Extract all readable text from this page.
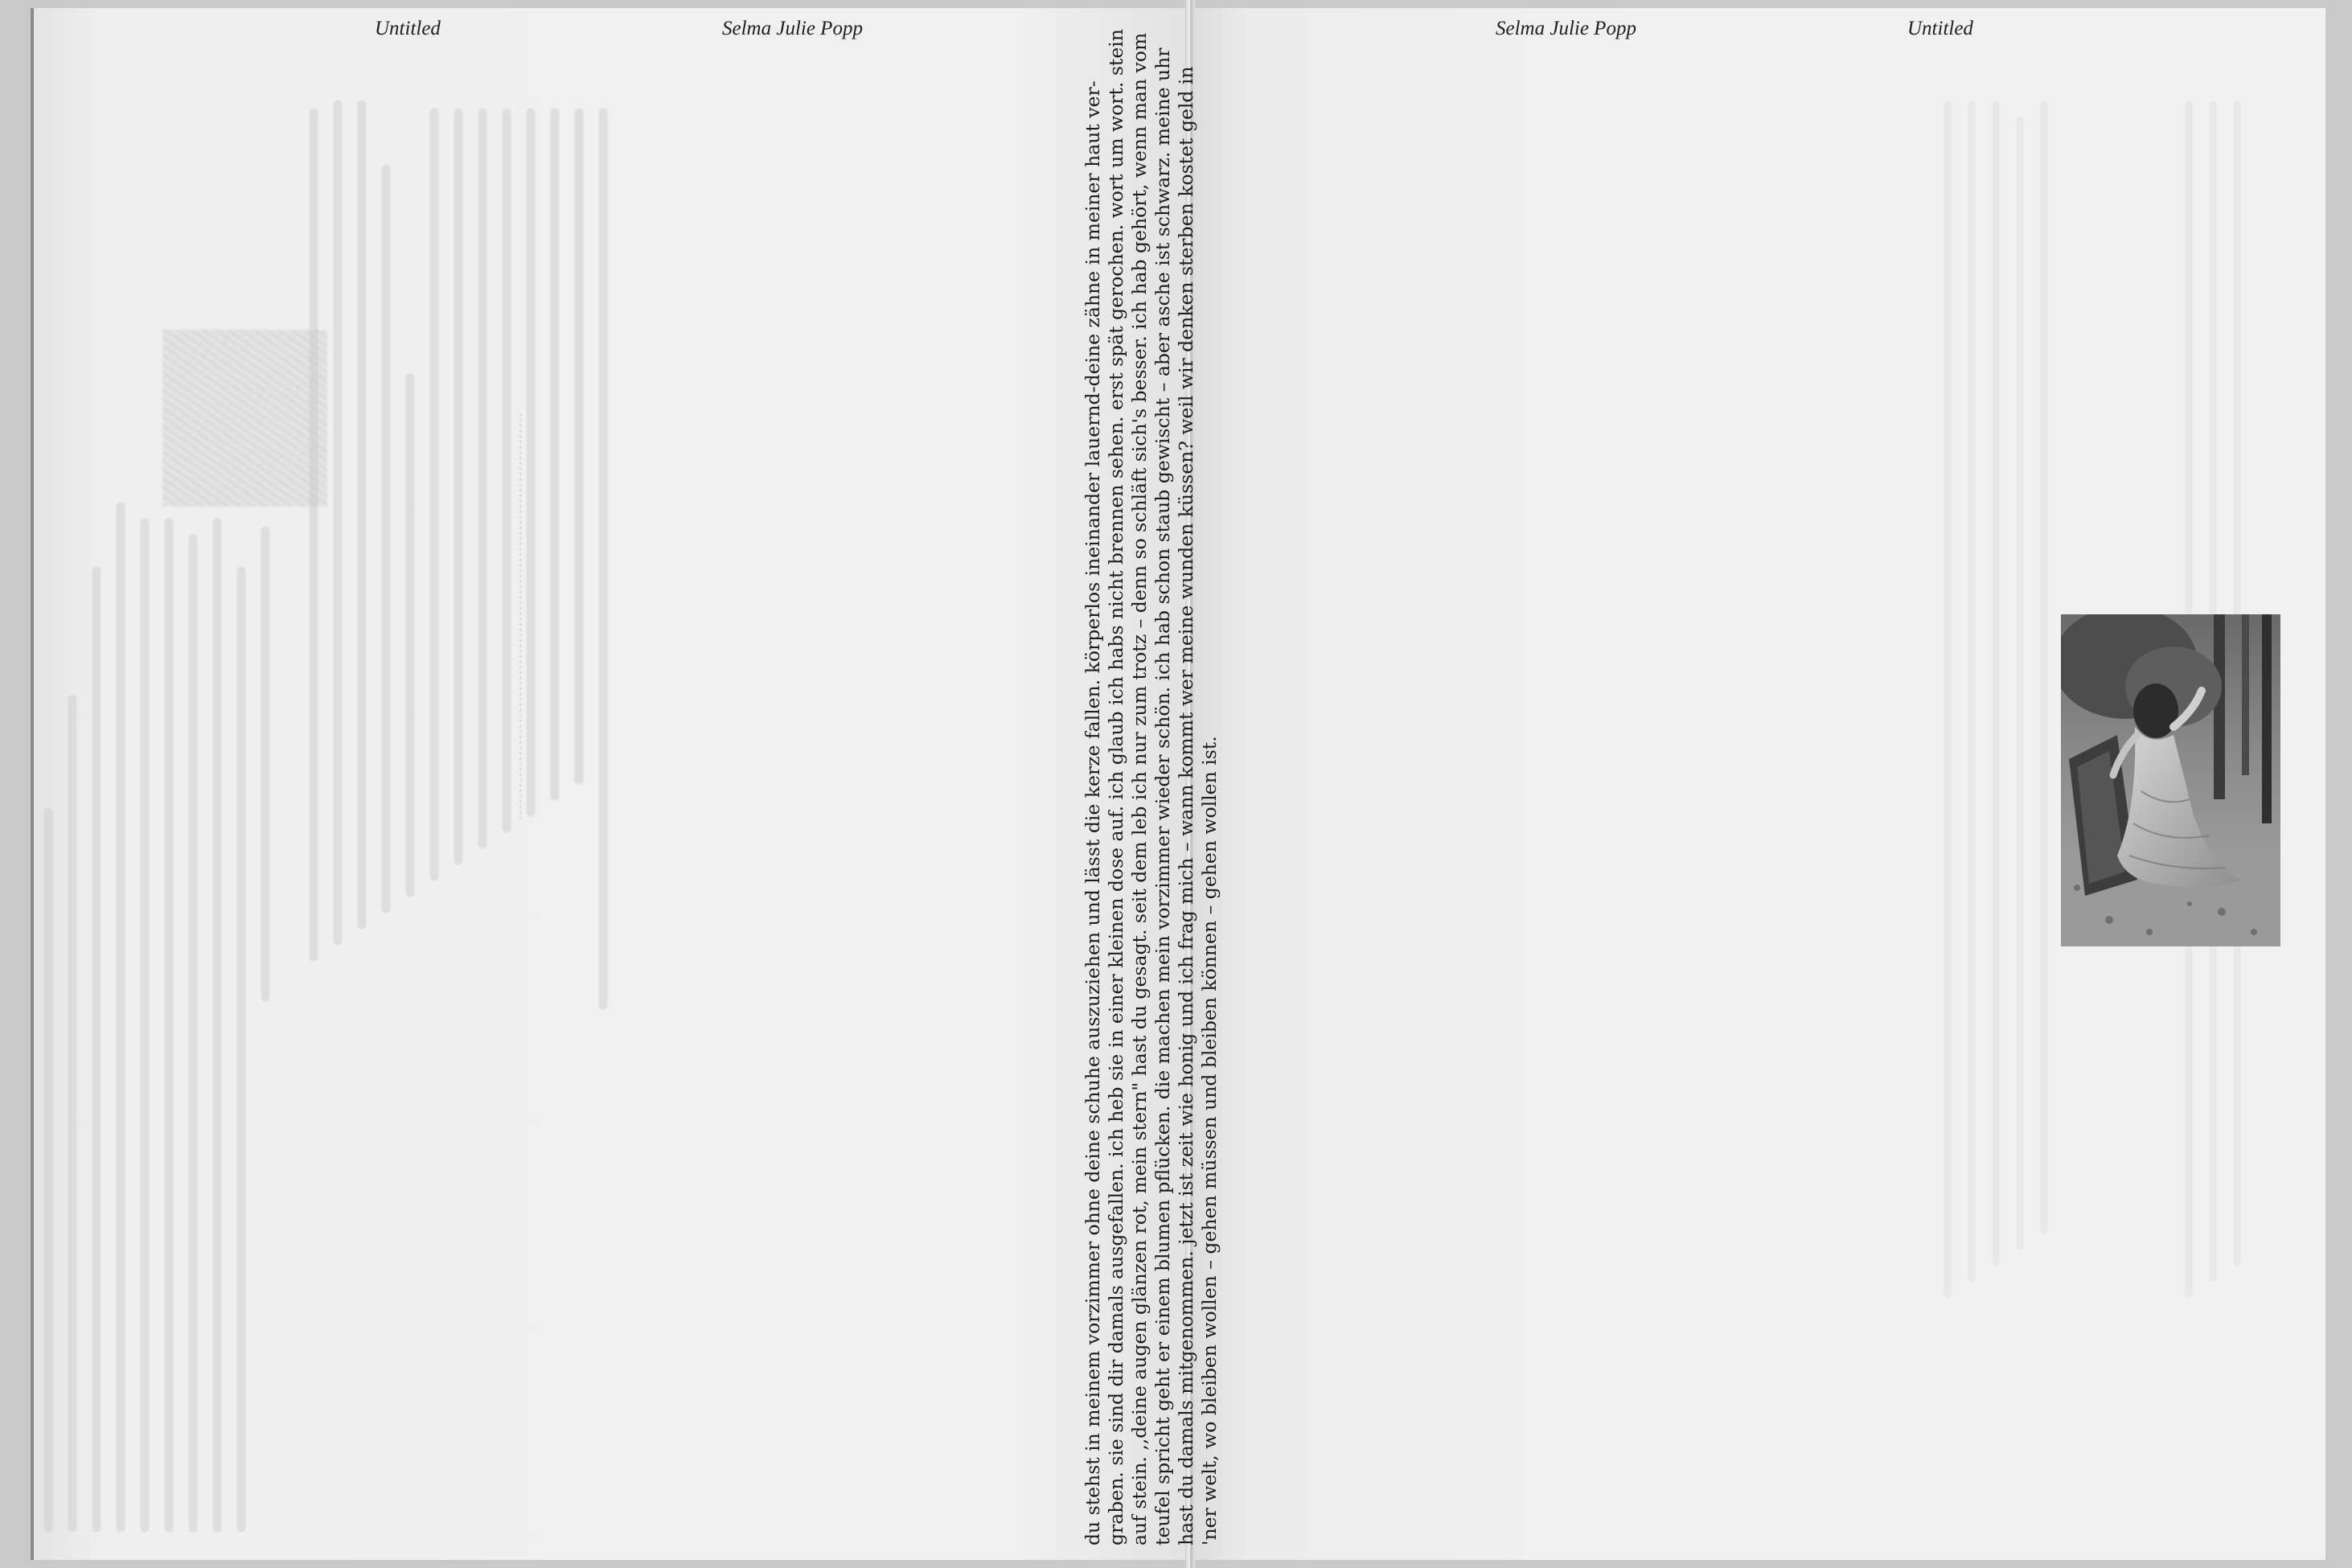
············································································
Untitled	Selma Julie Popp	Selma Julie Popp	Untitled

du stehst in meinem vorzimmer ohne deine schuhe auszuziehen und lässt die kerze fallen. körperlos ineinander lauernd-deine zähne in meiner haut ver- graben. sie sind dir damals ausgefallen. ich heb sie in einer kleinen dose auf. ich glaub ich habs nicht brennen sehen. erst spät gerochen. wort um wort. stein auf stein. ,,deine augen glänzen rot, mein stern" hast du gesagt. seit dem leb ich nur zum trotz – denn so schläft sich's besser. ich hab gehört, wenn man vom teufel spricht geht er einem blumen pflücken. die machen mein vorzimmer wieder schön. ich hab schon staub gewischt – aber asche ist schwarz. meine uhr hast du damals mitgenommen. jetzt ist zeit wie honig und ich frag mich – wann kommt wer meine wunden küssen? weil wir denken sterben kostet geld in 'ner welt, wo bleiben wollen – gehen müssen und bleiben können – gehen wollen ist.
